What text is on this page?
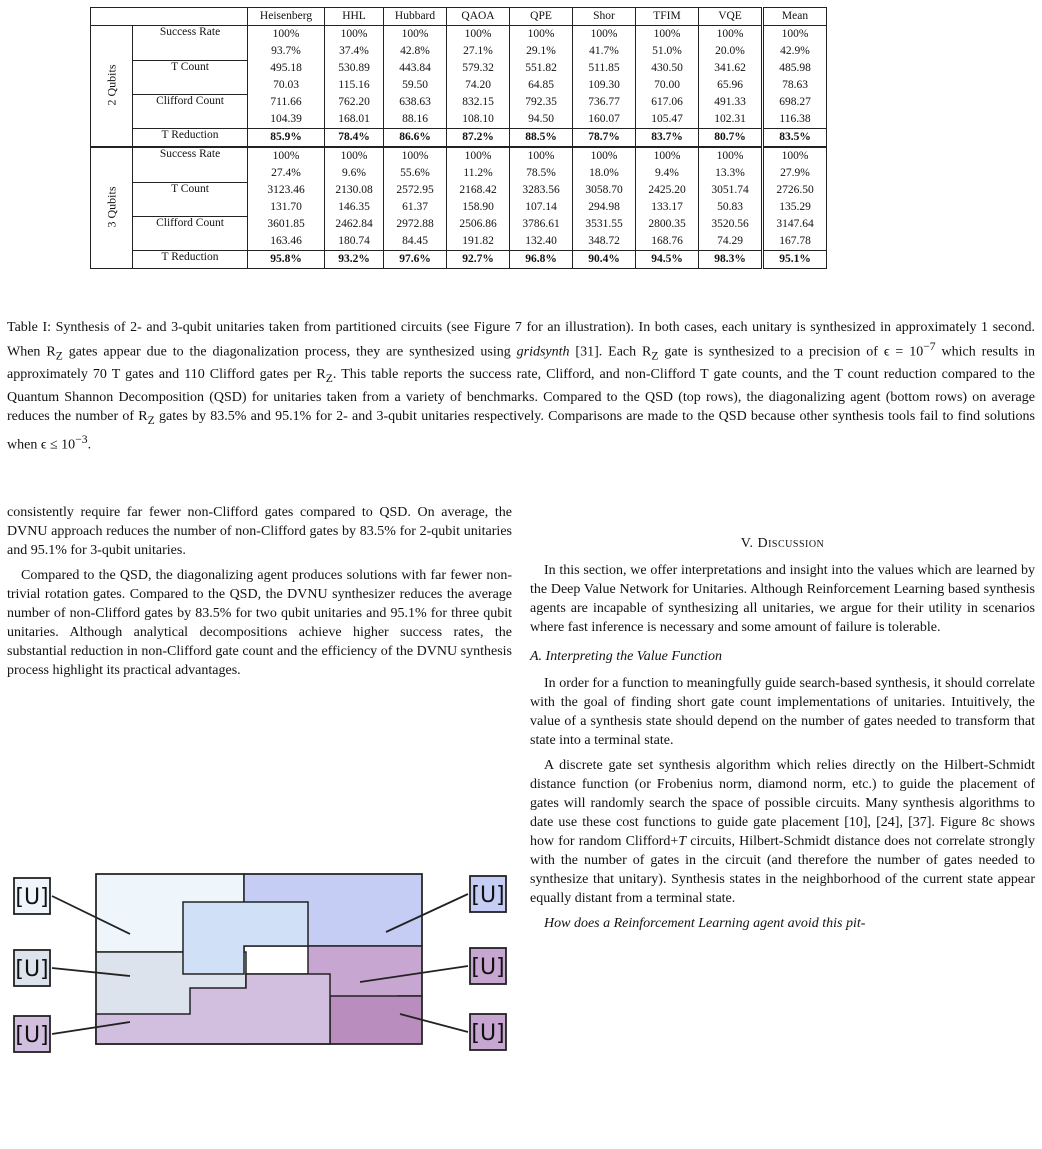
		Heisenberg	HHL	Hubbard	QAOA	QPE	Shor	TFIM	VQE	Mean
2 Qubits	Success Rate	100%	100%	100%	100%	100%	100%	100%	100%	100%
		93.7%	37.4%	42.8%	27.1%	29.1%	41.7%	51.0%	20.0%	42.9%
	T Count	495.18	530.89	443.84	579.32	551.82	511.85	430.50	341.62	485.98
		70.03	115.16	59.50	74.20	64.85	109.30	70.00	65.96	78.63
	Clifford Count	711.66	762.20	638.63	832.15	792.35	736.77	617.06	491.33	698.27
		104.39	168.01	88.16	108.10	94.50	160.07	105.47	102.31	116.38
	T Reduction	85.9%	78.4%	86.6%	87.2%	88.5%	78.7%	83.7%	80.7%	83.5%
3 Qubits	Success Rate	100%	100%	100%	100%	100%	100%	100%	100%	100%
		27.4%	9.6%	55.6%	11.2%	78.5%	18.0%	9.4%	13.3%	27.9%
	T Count	3123.46	2130.08	2572.95	2168.42	3283.56	3058.70	2425.20	3051.74	2726.50
		131.70	146.35	61.37	158.90	107.14	294.98	133.17	50.83	135.29
	Clifford Count	3601.85	2462.84	2972.88	2506.86	3786.61	3531.55	2800.35	3520.56	3147.64
		163.46	180.74	84.45	191.82	132.40	348.72	168.76	74.29	167.78
	T Reduction	95.8%	93.2%	97.6%	92.7%	96.8%	90.4%	94.5%	98.3%	95.1%
Table I: Synthesis of 2- and 3-qubit unitaries taken from partitioned circuits (see Figure 7 for an illustration). In both cases, each unitary is synthesized in approximately 1 second. When $R_Z$ gates appear due to the diagonalization process, they are synthesized using gridsynth [31]. Each $R_Z$ gate is synthesized to a precision of $\epsilon = 10^{-7}$ which results in approximately 70 T gates and 110 Clifford gates per $R_Z$. This table reports the success rate, Clifford, and non-Clifford T gate counts, and the T count reduction compared to the Quantum Shannon Decomposition (QSD) for unitaries taken from a variety of benchmarks. Compared to the QSD (top rows), the diagonalizing agent (bottom rows) on average reduces the number of $R_Z$ gates by 83.5% and 95.1% for 2- and 3-qubit unitaries respectively. Comparisons are made to the QSD because other synthesis tools fail to find solutions when $\epsilon \le 10^{-3}$.

consistently require far fewer non-Clifford gates compared to QSD. On average, the DVNU approach reduces the number of non-Clifford gates by 83.5% for 2-qubit unitaries and 95.1% for 3-qubit unitaries.

Compared to the QSD, the diagonalizing agent produces solutions with far fewer non-trivial rotation gates. Compared to the QSD, the DVNU synthesizer reduces the average number of non-Clifford gates by 83.5% for two qubit unitaries and 95.1% for three qubit unitaries. Although analytical decompositions achieve higher success rates, the substantial reduction in non-Clifford gate count and the efficiency of the DVNU synthesis process highlight its practical advantages.

V. Discussion

In this section, we offer interpretations and insight into the values which are learned by the Deep Value Network for Unitaries. Although Reinforcement Learning based synthesis agents are incapable of synthesizing all unitaries, we argue for their utility in scenarios where fast inference is necessary and some amount of failure is tolerable.

A. Interpreting the Value Function

In order for a function to meaningfully guide search-based synthesis, it should correlate with the goal of finding short gate count implementations of unitaries. Intuitively, the value of a synthesis state should depend on the number of gates needed to transform that state into a terminal state.

A discrete gate set synthesis algorithm which relies directly on the Hilbert-Schmidt distance function (or Frobenius norm, diamond norm, etc.) to guide the placement of gates will randomly search the space of possible circuits. Many synthesis algorithms to date use these cost functions to guide gate placement [10], [24], [37]. Figure 8c shows how for random Clifford+T circuits, Hilbert-Schmidt distance does not correlate strongly with the number of gates in the circuit (and therefore the number of gates needed to synthesize that unitary). Synthesis states in the neighborhood of the current state appear equally distant from a terminal state.

How does a Reinforcement Learning agent avoid this pit-

[U]
[U]
[U]
[U]
[U]
[U]
